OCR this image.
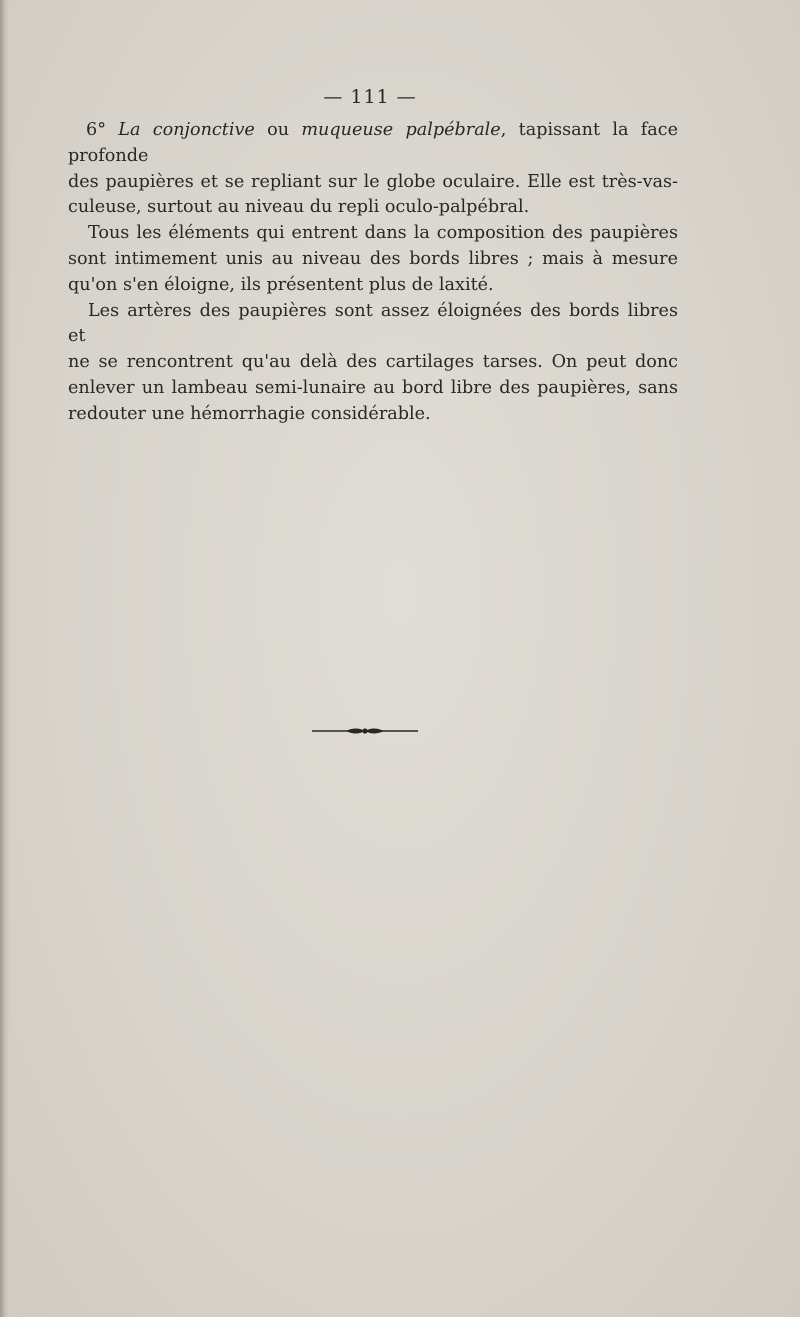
— 111 —

6° La conjonctive ou muqueuse palpébrale, tapissant la face profonde
des paupières et se repliant sur le globe oculaire. Elle est très-vas-
culeuse, surtout au niveau du repli oculo-palpébral.

Tous les éléments qui entrent dans la composition des paupières
sont intimement unis au niveau des bords libres ; mais à mesure
qu'on s'en éloigne, ils présentent plus de laxité.

Les artères des paupières sont assez éloignées des bords libres et
ne se rencontrent qu'au delà des cartilages tarses. On peut donc
enlever un lambeau semi-lunaire au bord libre des paupières, sans
redouter une hémorrhagie considérable.
